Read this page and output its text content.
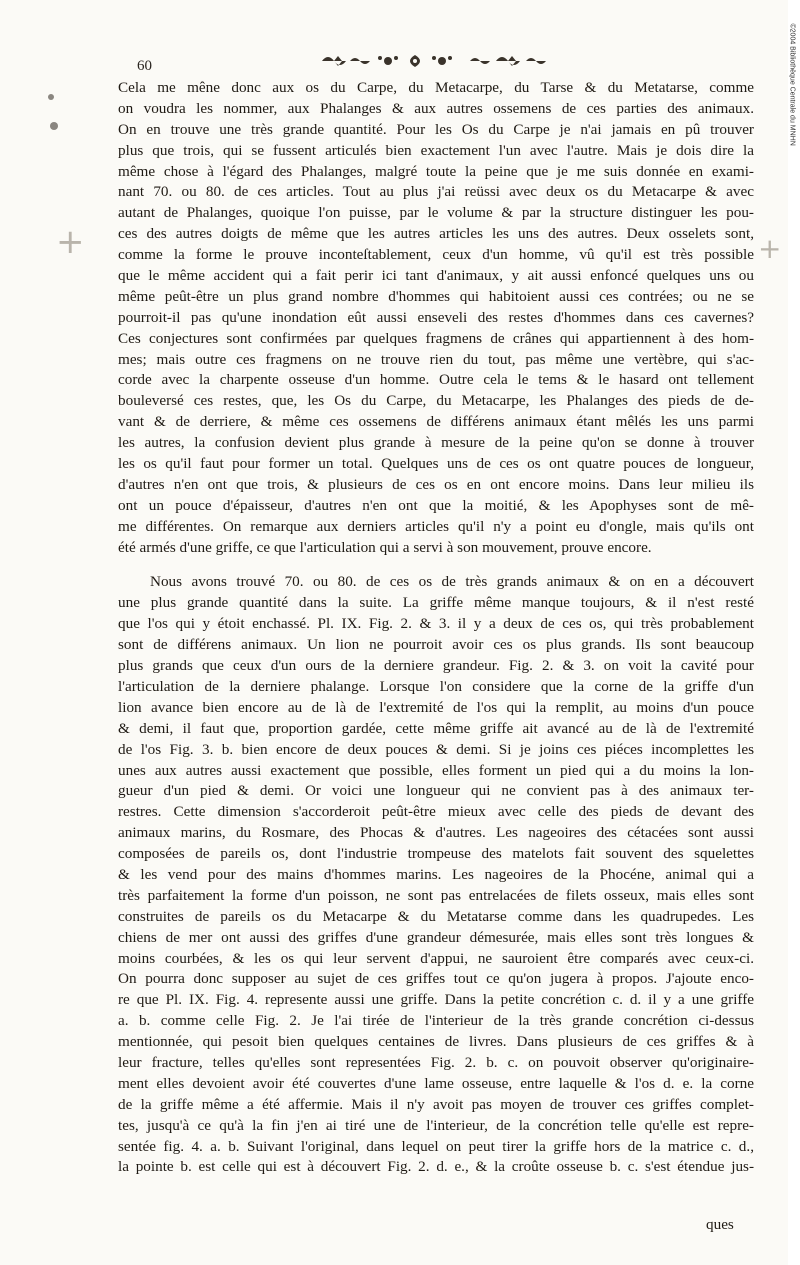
60
+	+
Cela me mêne donc aux os du Carpe, du Metacarpe, du Tarse & du Metatarse, comme
on voudra les nommer, aux Phalanges & aux autres ossemens de ces parties des animaux.
On en trouve une très grande quantité. Pour les Os du Carpe je n'ai jamais en pû trouver
plus que trois, qui se fussent articulés bien exactement l'un avec l'autre. Mais je dois dire la
même chose à l'égard des Phalanges, malgré toute la peine que je me suis donnée en exami-
nant 70. ou 80. de ces articles. Tout au plus j'ai reüssi avec deux os du Metacarpe & avec
autant de Phalanges, quoique l'on puisse, par le volume & par la structure distinguer les pou-
ces des autres doigts de même que les autres articles les uns des autres. Deux osselets sont,
comme la forme le prouve inconteſtablement, ceux d'un homme, vû qu'il est très possible
que le même accident qui a fait perir ici tant d'animaux, y ait aussi enfoncé quelques uns ou
même peût-être un plus grand nombre d'hommes qui habitoient aussi ces contrées; ou ne se
pourroit-il pas qu'une inondation eût aussi enseveli des restes d'hommes dans ces cavernes?
Ces conjectures sont confirmées par quelques fragmens de crânes qui appartiennent à des hom-
mes; mais outre ces fragmens on ne trouve rien du tout, pas même une vertèbre, qui s'ac-
corde avec la charpente osseuse d'un homme. Outre cela le tems & le hasard ont tellement
bouleversé ces restes, que, les Os du Carpe, du Metacarpe, les Phalanges des pieds de de-
vant & de derriere, & même ces ossemens de différens animaux étant mêlés les uns parmi
les autres, la confusion devient plus grande à mesure de la peine qu'on se donne à trouver
les os qu'il faut pour former un total. Quelques uns de ces os ont quatre pouces de longueur,
d'autres n'en ont que trois, & plusieurs de ces os en ont encore moins. Dans leur milieu ils
ont un pouce d'épaisseur, d'autres n'en ont que la moitié, & les Apophyses sont de mê-
me différentes. On remarque aux derniers articles qu'il n'y a point eu d'ongle, mais qu'ils ont
été armés d'une griffe, ce que l'articulation qui a servi à son mouvement, prouve encore.
Nous avons trouvé 70. ou 80. de ces os de très grands animaux & on en a découvert
une plus grande quantité dans la suite. La griffe même manque toujours, & il n'est resté
que l'os qui y étoit enchassé. Pl. IX. Fig. 2. & 3. il y a deux de ces os, qui très probablement
sont de différens animaux. Un lion ne pourroit avoir ces os plus grands. Ils sont beaucoup
plus grands que ceux d'un ours de la derniere grandeur. Fig. 2. & 3. on voit la cavité pour
l'articulation de la derniere phalange. Lorsque l'on considere que la corne de la griffe d'un
lion avance bien encore au de là de l'extremité de l'os qui la remplit, au moins d'un pouce
& demi, il faut que, proportion gardée, cette même griffe ait avancé au de là de l'extremité
de l'os Fig. 3. b. bien encore de deux pouces & demi. Si je joins ces piéces incomplettes les
unes aux autres aussi exactement que possible, elles forment un pied qui a du moins la lon-
gueur d'un pied & demi. Or voici une longueur qui ne convient pas à des animaux ter-
restres. Cette dimension s'accorderoit peût-être mieux avec celle des pieds de devant des
animaux marins, du Rosmare, des Phocas & d'autres. Les nageoires des cétacées sont aussi
composées de pareils os, dont l'industrie trompeuse des matelots fait souvent des squelettes
& les vend pour des mains d'hommes marins. Les nageoires de la Phocéne, animal qui a
très parfaitement la forme d'un poisson, ne sont pas entrelacées de filets osseux, mais elles sont
construites de pareils os du Metacarpe & du Metatarse comme dans les quadrupedes. Les
chiens de mer ont aussi des griffes d'une grandeur démesurée, mais elles sont très longues &
moins courbées, & les os qui leur servent d'appui, ne sauroient être comparés avec ceux-ci.
On pourra donc supposer au sujet de ces griffes tout ce qu'on jugera à propos. J'ajoute enco-
re que Pl. IX. Fig. 4. represente aussi une griffe. Dans la petite concrétion c. d. il y a une griffe
a. b. comme celle Fig. 2. Je l'ai tirée de l'interieur de la très grande concrétion ci-dessus
mentionnée, qui pesoit bien quelques centaines de livres. Dans plusieurs de ces griffes & à
leur fracture, telles qu'elles sont representées Fig. 2. b. c. on pouvoit observer qu'originaire-
ment elles devoient avoir été couvertes d'une lame osseuse, entre laquelle & l'os d. e. la corne
de la griffe même a été affermie. Mais il n'y avoit pas moyen de trouver ces griffes complet-
tes, jusqu'à ce qu'à la fin j'en ai tiré une de l'interieur, de la concrétion telle qu'elle est repre-
sentée fig. 4. a. b. Suivant l'original, dans lequel on peut tirer la griffe hors de la matrice c. d.,
la pointe b. est celle qui est à découvert Fig. 2. d. e., & la croûte osseuse b. c. s'est étendue jus-
ques
©2004 Bibliothèque Centrale du MNHN
